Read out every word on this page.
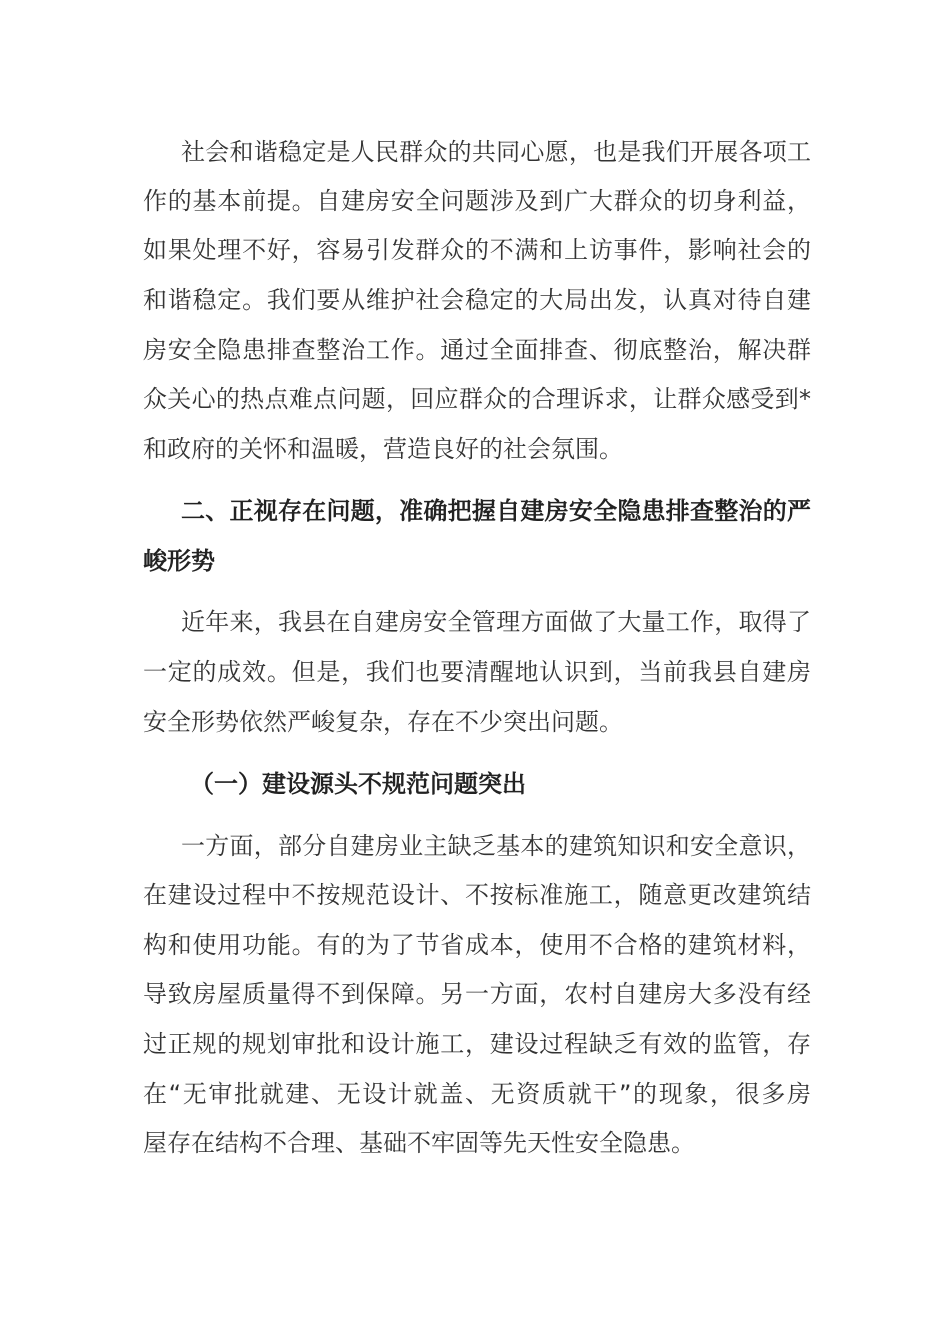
社会和谐稳定是人民群众的共同心愿，也是我们开展各项工
作的基本前提。自建房安全问题涉及到广大群众的切身利益，
如果处理不好，容易引发群众的不满和上访事件，影响社会的
和谐稳定。我们要从维护社会稳定的大局出发，认真对待自建
房安全隐患排查整治工作。通过全面排查、彻底整治，解决群
众关心的热点难点问题，回应群众的合理诉求，让群众感受到*
和政府的关怀和温暖，营造良好的社会氛围。
二、正视存在问题，准确把握自建房安全隐患排查整治的严
峻形势
近年来，我县在自建房安全管理方面做了大量工作，取得了
一定的成效。但是，我们也要清醒地认识到，当前我县自建房
安全形势依然严峻复杂，存在不少突出问题。
（一）建设源头不规范问题突出
一方面，部分自建房业主缺乏基本的建筑知识和安全意识，
在建设过程中不按规范设计、不按标准施工，随意更改建筑结
构和使用功能。有的为了节省成本，使用不合格的建筑材料，
导致房屋质量得不到保障。另一方面，农村自建房大多没有经
过正规的规划审批和设计施工，建设过程缺乏有效的监管，存
在“无审批就建、无设计就盖、无资质就干”的现象，很多房
屋存在结构不合理、基础不牢固等先天性安全隐患。
